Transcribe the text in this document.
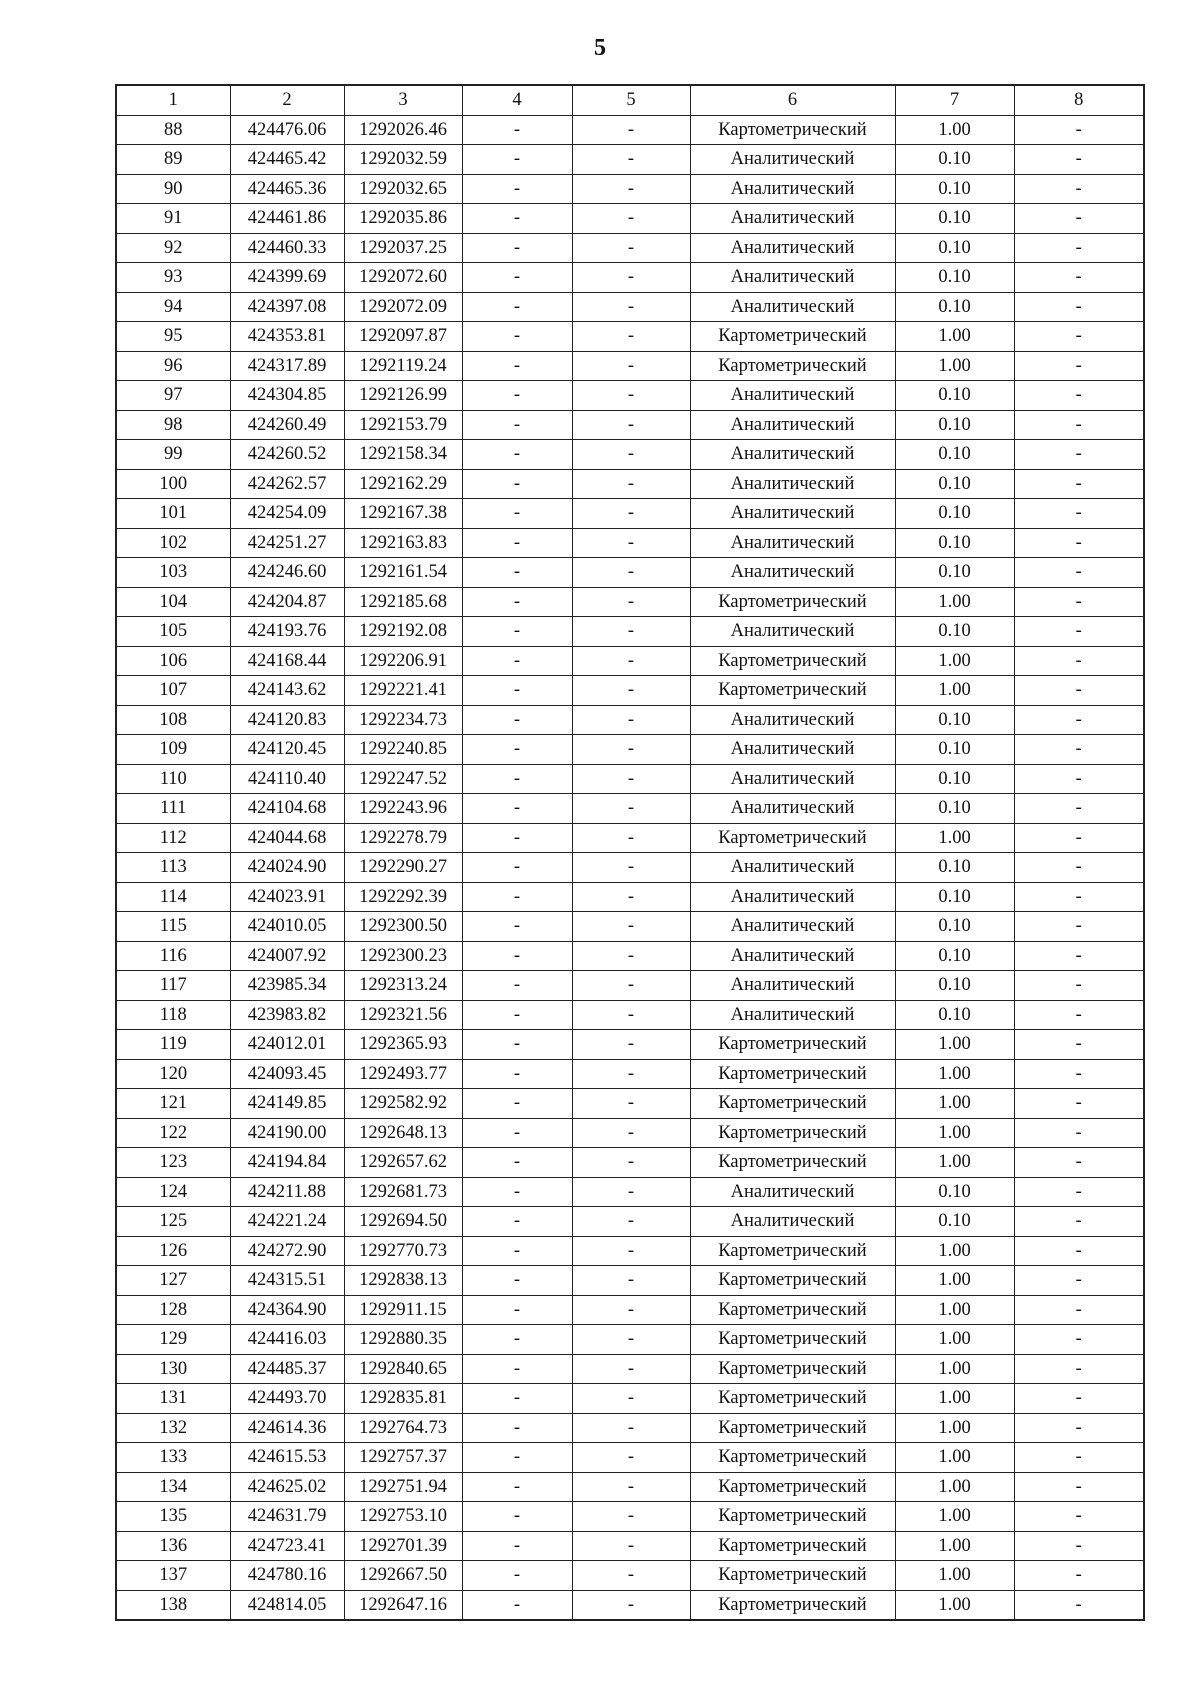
5
1	2	3	4	5	6	7	8
88	424476.06	1292026.46	-	-	Картометрический	1.00	-
89	424465.42	1292032.59	-	-	Аналитический	0.10	-
90	424465.36	1292032.65	-	-	Аналитический	0.10	-
91	424461.86	1292035.86	-	-	Аналитический	0.10	-
92	424460.33	1292037.25	-	-	Аналитический	0.10	-
93	424399.69	1292072.60	-	-	Аналитический	0.10	-
94	424397.08	1292072.09	-	-	Аналитический	0.10	-
95	424353.81	1292097.87	-	-	Картометрический	1.00	-
96	424317.89	1292119.24	-	-	Картометрический	1.00	-
97	424304.85	1292126.99	-	-	Аналитический	0.10	-
98	424260.49	1292153.79	-	-	Аналитический	0.10	-
99	424260.52	1292158.34	-	-	Аналитический	0.10	-
100	424262.57	1292162.29	-	-	Аналитический	0.10	-
101	424254.09	1292167.38	-	-	Аналитический	0.10	-
102	424251.27	1292163.83	-	-	Аналитический	0.10	-
103	424246.60	1292161.54	-	-	Аналитический	0.10	-
104	424204.87	1292185.68	-	-	Картометрический	1.00	-
105	424193.76	1292192.08	-	-	Аналитический	0.10	-
106	424168.44	1292206.91	-	-	Картометрический	1.00	-
107	424143.62	1292221.41	-	-	Картометрический	1.00	-
108	424120.83	1292234.73	-	-	Аналитический	0.10	-
109	424120.45	1292240.85	-	-	Аналитический	0.10	-
110	424110.40	1292247.52	-	-	Аналитический	0.10	-
111	424104.68	1292243.96	-	-	Аналитический	0.10	-
112	424044.68	1292278.79	-	-	Картометрический	1.00	-
113	424024.90	1292290.27	-	-	Аналитический	0.10	-
114	424023.91	1292292.39	-	-	Аналитический	0.10	-
115	424010.05	1292300.50	-	-	Аналитический	0.10	-
116	424007.92	1292300.23	-	-	Аналитический	0.10	-
117	423985.34	1292313.24	-	-	Аналитический	0.10	-
118	423983.82	1292321.56	-	-	Аналитический	0.10	-
119	424012.01	1292365.93	-	-	Картометрический	1.00	-
120	424093.45	1292493.77	-	-	Картометрический	1.00	-
121	424149.85	1292582.92	-	-	Картометрический	1.00	-
122	424190.00	1292648.13	-	-	Картометрический	1.00	-
123	424194.84	1292657.62	-	-	Картометрический	1.00	-
124	424211.88	1292681.73	-	-	Аналитический	0.10	-
125	424221.24	1292694.50	-	-	Аналитический	0.10	-
126	424272.90	1292770.73	-	-	Картометрический	1.00	-
127	424315.51	1292838.13	-	-	Картометрический	1.00	-
128	424364.90	1292911.15	-	-	Картометрический	1.00	-
129	424416.03	1292880.35	-	-	Картометрический	1.00	-
130	424485.37	1292840.65	-	-	Картометрический	1.00	-
131	424493.70	1292835.81	-	-	Картометрический	1.00	-
132	424614.36	1292764.73	-	-	Картометрический	1.00	-
133	424615.53	1292757.37	-	-	Картометрический	1.00	-
134	424625.02	1292751.94	-	-	Картометрический	1.00	-
135	424631.79	1292753.10	-	-	Картометрический	1.00	-
136	424723.41	1292701.39	-	-	Картометрический	1.00	-
137	424780.16	1292667.50	-	-	Картометрический	1.00	-
138	424814.05	1292647.16	-	-	Картометрический	1.00	-
